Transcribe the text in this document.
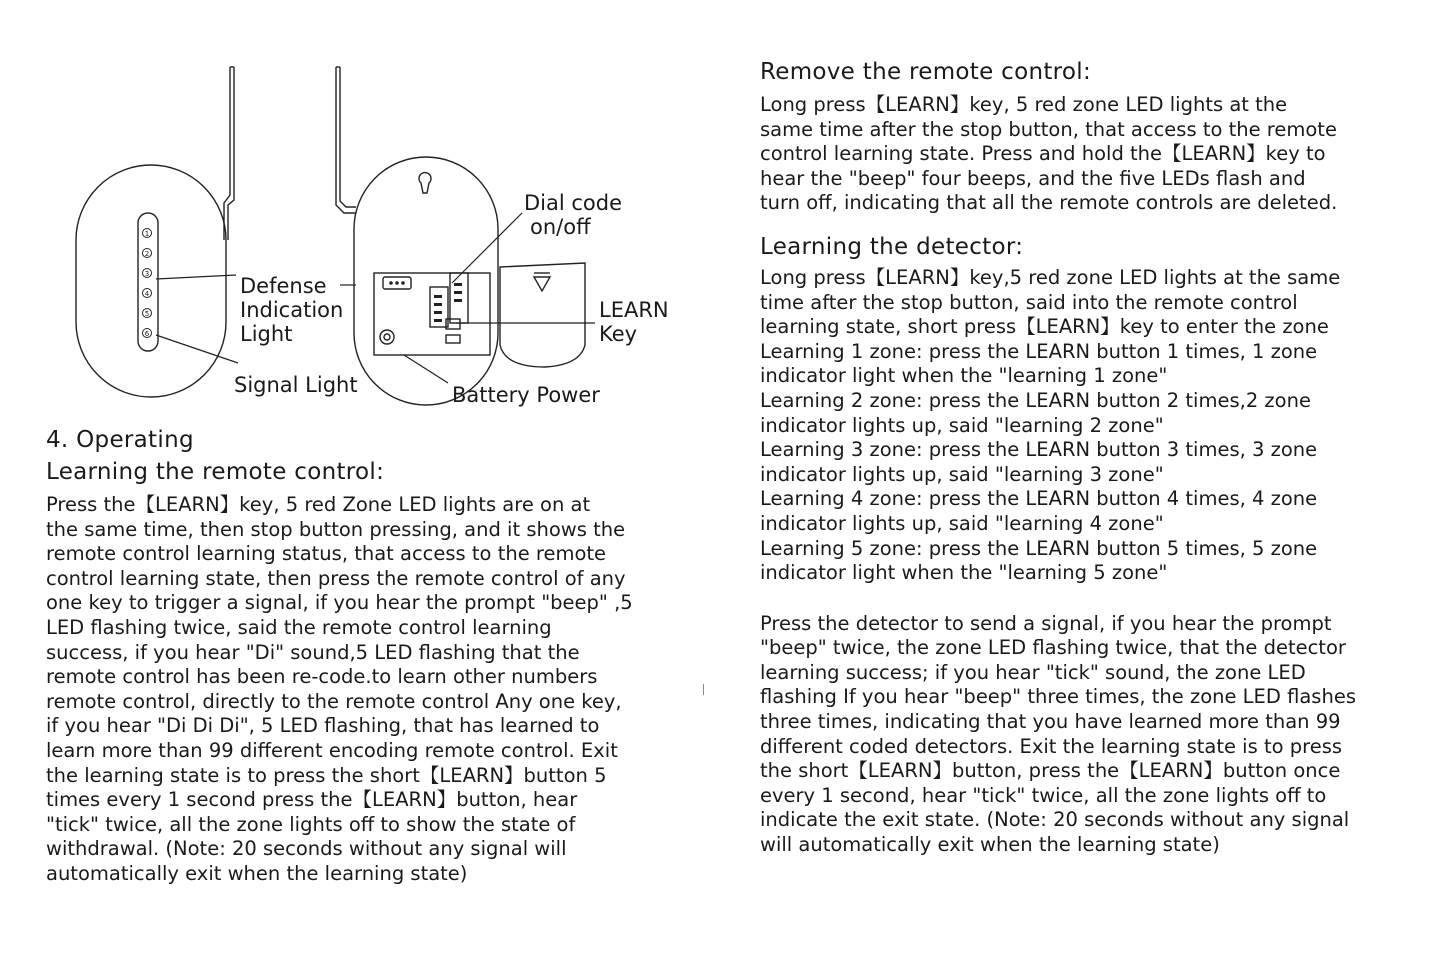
1
2
3
4
5
6
Defense
Indication
Light
Signal Light
Dial code
on/off
LEARN
Key
Battery Power
4. Operating
Learning the remote control:

Press the【LEARN】key, 5 red Zone LED lights are on at
the same time, then stop button pressing, and it shows the
remote control learning status, that access to the remote
control learning state, then press the remote control of any
one key to trigger a signal, if you hear the prompt "beep" ,5
LED flashing twice, said the remote control learning
success, if you hear "Di" sound,5 LED flashing that the
remote control has been re-code.to learn other numbers
remote control, directly to the remote control Any one key,
if you hear "Di Di Di", 5 LED flashing, that has learned to
learn more than 99 different encoding remote control. Exit
the learning state is to press the short【LEARN】button 5
times every 1 second press the【LEARN】button, hear
"tick" twice, all the zone lights off to show the state of
withdrawal. (Note: 20 seconds without any signal will
automatically exit when the learning state)

Remove the remote control:

Long press【LEARN】key, 5 red zone LED lights at the
same time after the stop button, that access to the remote
control learning state. Press and hold the【LEARN】key to
hear the "beep" four beeps, and the five LEDs flash and
turn off, indicating that all the remote controls are deleted.

Learning the detector:

Long press【LEARN】key,5 red zone LED lights at the same
time after the stop button, said into the remote control
learning state, short press【LEARN】key to enter the zone
Learning 1 zone: press the LEARN button 1 times, 1 zone
indicator light when the "learning 1 zone"
Learning 2 zone: press the LEARN button 2 times,2 zone
indicator lights up, said "learning 2 zone"
Learning 3 zone: press the LEARN button 3 times, 3 zone
indicator lights up, said "learning 3 zone"
Learning 4 zone: press the LEARN button 4 times, 4 zone
indicator lights up, said "learning 4 zone"
Learning 5 zone: press the LEARN button 5 times, 5 zone
indicator light when the "learning 5 zone"

Press the detector to send a signal, if you hear the prompt
"beep" twice, the zone LED flashing twice, that the detector
learning success; if you hear "tick" sound, the zone LED
flashing If you hear "beep" three times, the zone LED flashes
three times, indicating that you have learned more than 99
different coded detectors. Exit the learning state is to press
the short【LEARN】button, press the【LEARN】button once
every 1 second, hear "tick" twice, all the zone lights off to
indicate the exit state. (Note: 20 seconds without any signal
will automatically exit when the learning state)
